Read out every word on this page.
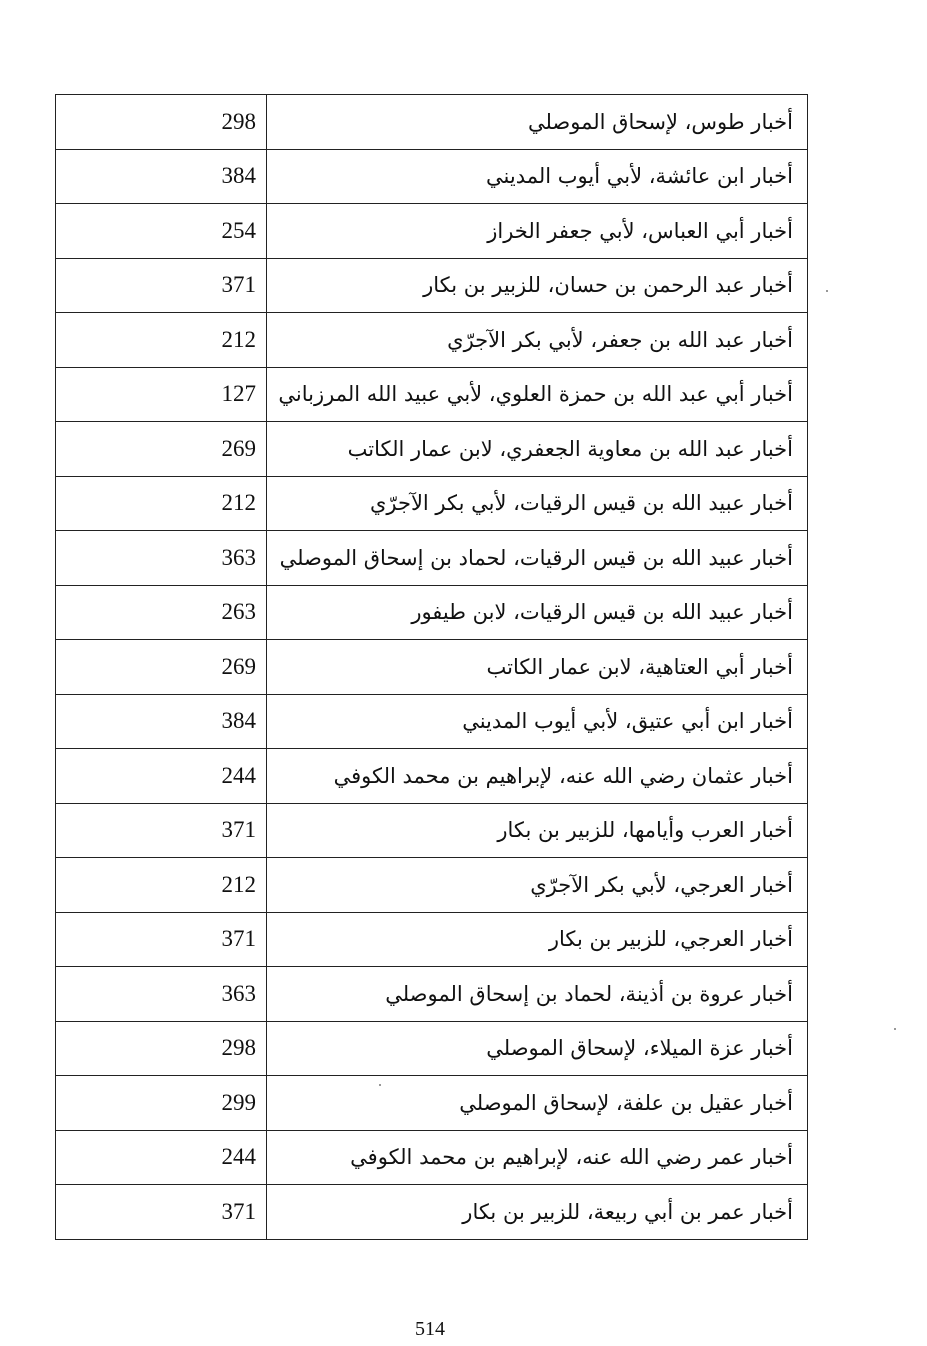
298	أخبار طوس، لإسحاق الموصلي
384	أخبار ابن عائشة، لأبي أيوب المديني
254	أخبار أبي العباس، لأبي جعفر الخراز
371	أخبار عبد الرحمن بن حسان، للزبير بن بكار
212	أخبار عبد الله بن جعفر، لأبي بكر الآجرّي
127	أخبار أبي عبد الله بن حمزة العلوي، لأبي عبيد الله المرزباني
269	أخبار عبد الله بن معاوية الجعفري، لابن عمار الكاتب
212	أخبار عبيد الله بن قيس الرقيات، لأبي بكر الآجرّي
363	أخبار عبيد الله بن قيس الرقيات، لحماد بن إسحاق الموصلي
263	أخبار عبيد الله بن قيس الرقيات، لابن طيفور
269	أخبار أبي العتاهية، لابن عمار الكاتب
384	أخبار ابن أبي عتيق، لأبي أيوب المديني
244	أخبار عثمان رضي الله عنه، لإبراهيم بن محمد الكوفي
371	أخبار العرب وأيامها، للزبير بن بكار
212	أخبار العرجي، لأبي بكر الآجرّي
371	أخبار العرجي، للزبير بن بكار
363	أخبار عروة بن أذينة، لحماد بن إسحاق الموصلي
298	أخبار عزة الميلاء، لإسحاق الموصلي
299	أخبار عقيل بن علفة، لإسحاق الموصلي
244	أخبار عمر رضي الله عنه، لإبراهيم بن محمد الكوفي
371	أخبار عمر بن أبي ربيعة، للزبير بن بكار
514
